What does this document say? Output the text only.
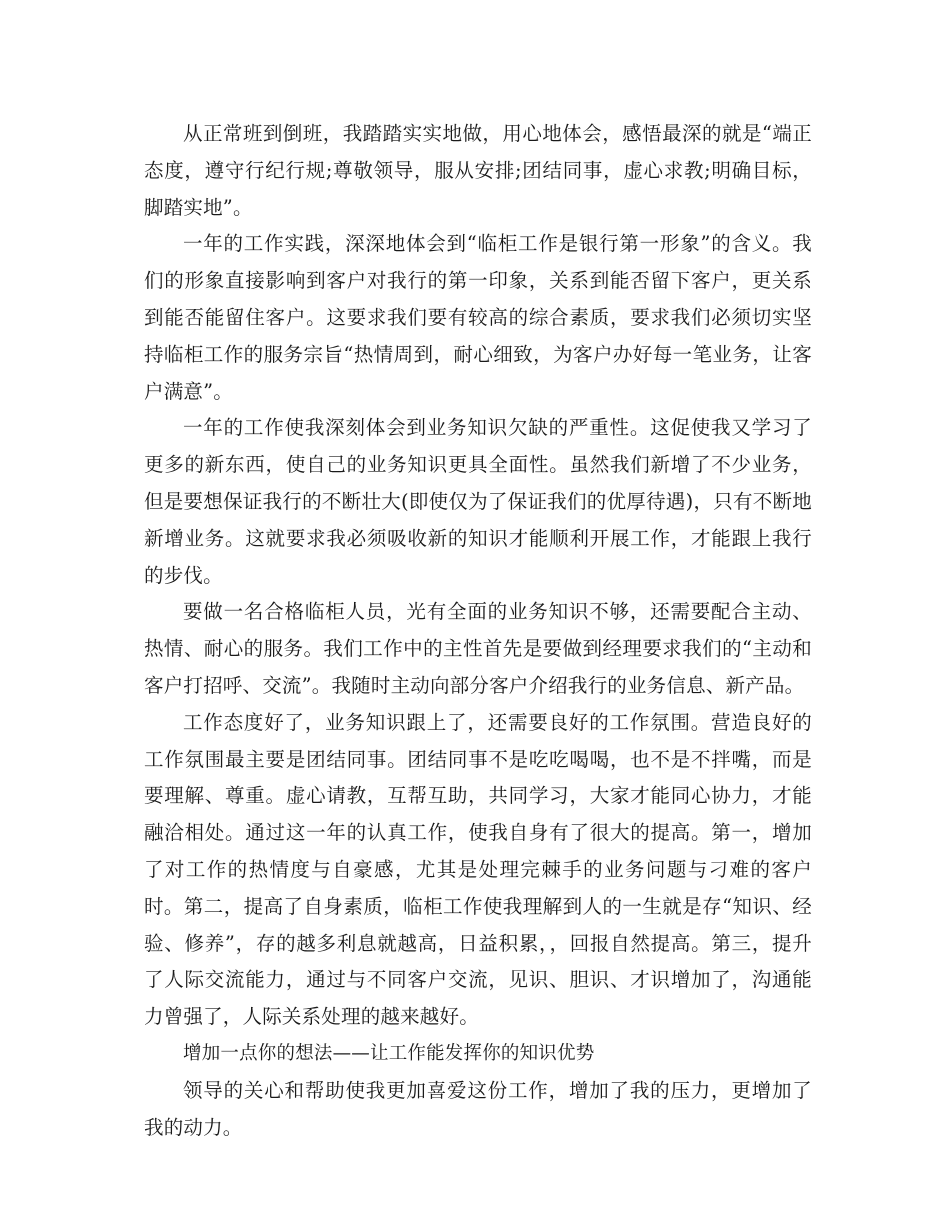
从正常班到倒班，我踏踏实实地做，用心地体会，感悟最深的就是“端正态度，遵守行纪行规;尊敬领导，服从安排;团结同事，虚心求教;明确目标，脚踏实地”。

一年的工作实践，深深地体会到“临柜工作是银行第一形象”的含义。我们的形象直接影响到客户对我行的第一印象，关系到能否留下客户，更关系到能否能留住客户。这要求我们要有较高的综合素质，要求我们必须切实坚持临柜工作的服务宗旨“热情周到，耐心细致，为客户办好每一笔业务，让客户满意”。

一年的工作使我深刻体会到业务知识欠缺的严重性。这促使我又学习了更多的新东西，使自己的业务知识更具全面性。虽然我们新增了不少业务，但是要想保证我行的不断壮大(即使仅为了保证我们的优厚待遇)，只有不断地新增业务。这就要求我必须吸收新的知识才能顺利开展工作，才能跟上我行的步伐。

要做一名合格临柜人员，光有全面的业务知识不够，还需要配合主动、热情、耐心的服务。我们工作中的主性首先是要做到经理要求我们的“主动和客户打招呼、交流”。我随时主动向部分客户介绍我行的业务信息、新产品。

工作态度好了，业务知识跟上了，还需要良好的工作氛围。营造良好的工作氛围最主要是团结同事。团结同事不是吃吃喝喝，也不是不拌嘴，而是要理解、尊重。虚心请教，互帮互助，共同学习，大家才能同心协力，才能融洽相处。通过这一年的认真工作，使我自身有了很大的提高。第一，增加了对工作的热情度与自豪感，尤其是处理完棘手的业务问题与刁难的客户时。第二，提高了自身素质，临柜工作使我理解到人的一生就是存“知识、经验、修养”，存的越多利息就越高，日益积累，，回报自然提高。第三，提升了人际交流能力，通过与不同客户交流，见识、胆识、才识增加了，沟通能力曾强了，人际关系处理的越来越好。

增加一点你的想法——让工作能发挥你的知识优势

领导的关心和帮助使我更加喜爱这份工作，增加了我的压力，更增加了我的动力。
